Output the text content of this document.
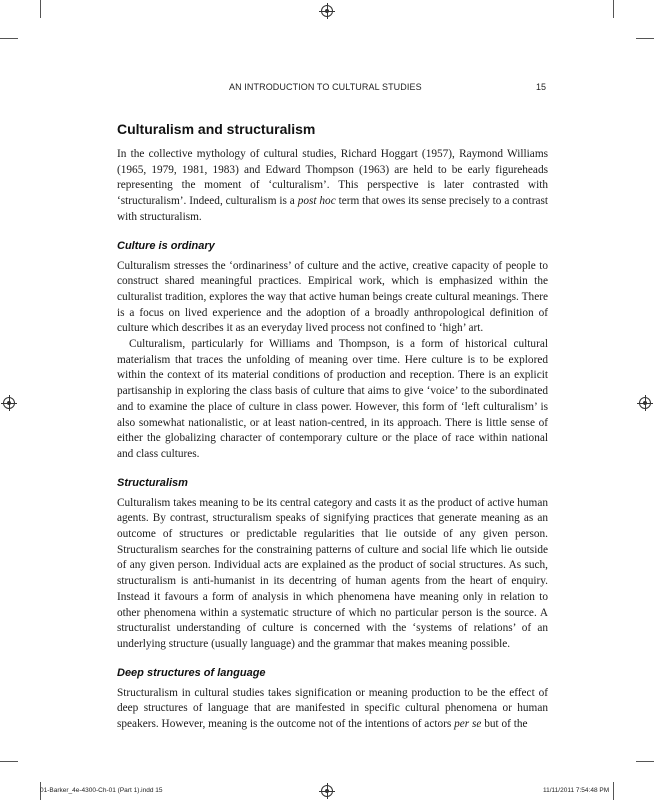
AN INTRODUCTION TO CULTURAL STUDIES	15
Culturalism and structuralism

In the collective mythology of cultural studies, Richard Hoggart (1957), Raymond Williams (1965, 1979, 1981, 1983) and Edward Thompson (1963) are held to be early figureheads representing the moment of ‘culturalism’. This perspective is later contrasted with ‘structuralism’. Indeed, culturalism is a post hoc term that owes its sense precisely to a contrast with structuralism.

Culture is ordinary

Culturalism stresses the ‘ordinariness’ of culture and the active, creative capacity of people to construct shared meaningful practices. Empirical work, which is emphasized within the culturalist tradition, explores the way that active human beings create cultural meanings. There is a focus on lived experience and the adoption of a broadly anthropological definition of culture which describes it as an everyday lived process not confined to ‘high’ art.

Culturalism, particularly for Williams and Thompson, is a form of historical cultural materialism that traces the unfolding of meaning over time. Here culture is to be explored within the context of its material conditions of production and reception. There is an explicit partisanship in exploring the class basis of culture that aims to give ‘voice’ to the subordinated and to examine the place of culture in class power. However, this form of ‘left culturalism’ is also somewhat nationalistic, or at least nation-centred, in its approach. There is little sense of either the globalizing character of contemporary culture or the place of race within national and class cultures.

Structuralism

Culturalism takes meaning to be its central category and casts it as the product of active human agents. By contrast, structuralism speaks of signifying practices that generate meaning as an outcome of structures or predictable regularities that lie outside of any given person. Structuralism searches for the constraining patterns of culture and social life which lie outside of any given person. Individual acts are explained as the product of social structures. As such, structuralism is anti-humanist in its decentring of human agents from the heart of enquiry. Instead it favours a form of analysis in which phenomena have meaning only in relation to other phenomena within a systematic structure of which no particular person is the source. A structuralist understanding of culture is concerned with the ‘systems of relations’ of an underlying structure (usually language) and the grammar that makes meaning possible.

Deep structures of language

Structuralism in cultural studies takes signification or meaning production to be the effect of deep structures of language that are manifested in specific cultural phenomena or human speakers. However, meaning is the outcome not of the intentions of actors per se but of the

01-Barker_4e-4300-Ch-01 (Part 1).indd 15	11/11/2011 7:54:48 PM
